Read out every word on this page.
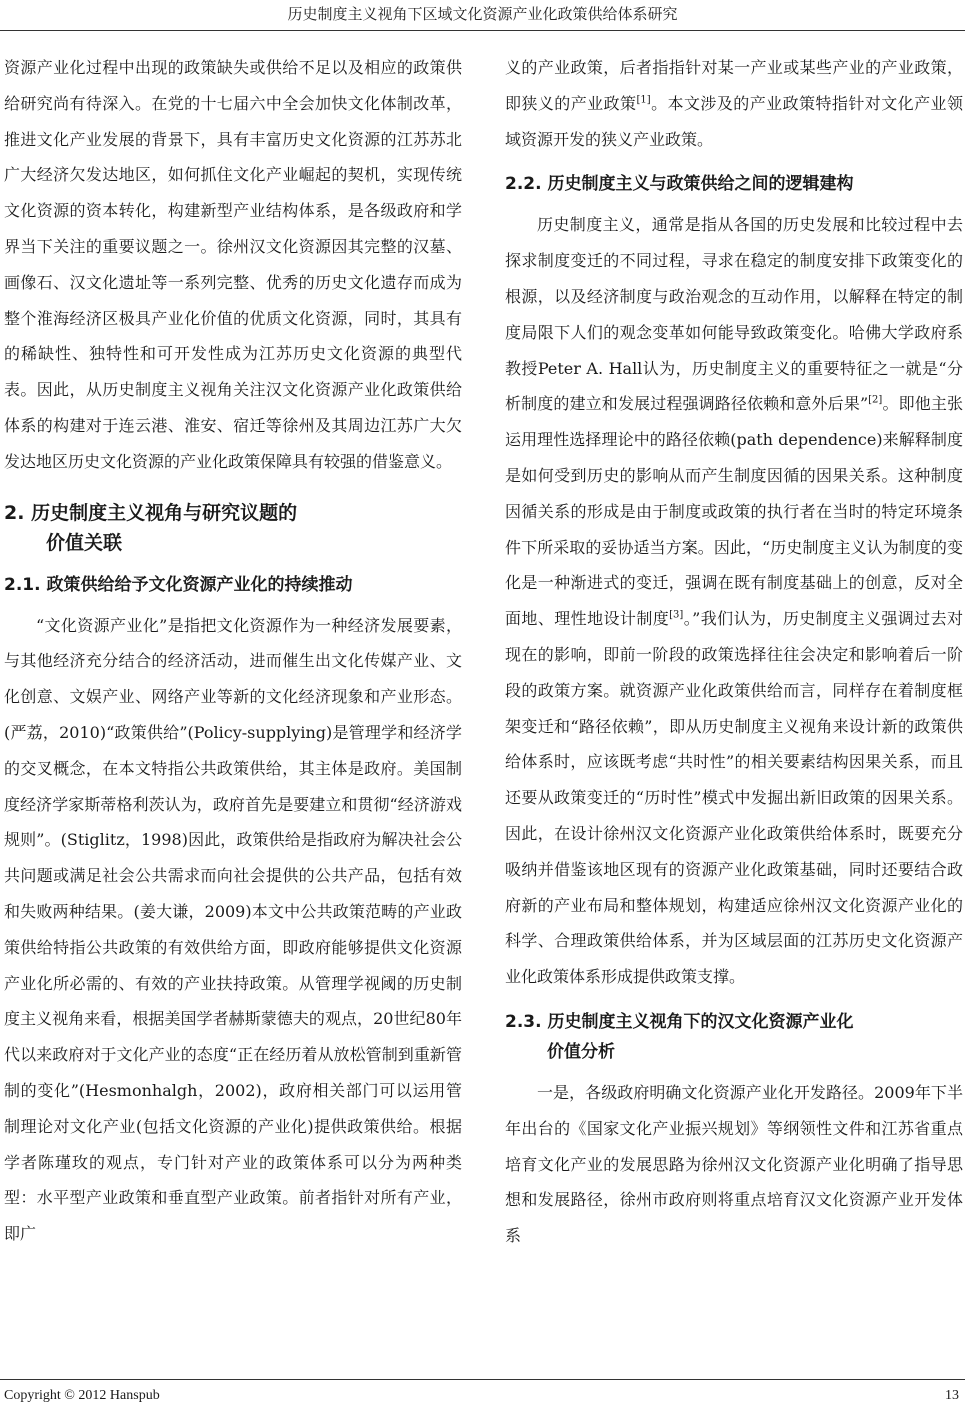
历史制度主义视角下区域文化资源产业化政策供给体系研究

资源产业化过程中出现的政策缺失或供给不足以及相应的政策供给研究尚有待深入。在党的十七届六中全会加快文化体制改革，推进文化产业发展的背景下，具有丰富历史文化资源的江苏苏北广大经济欠发达地区，如何抓住文化产业崛起的契机，实现传统文化资源的资本转化，构建新型产业结构体系，是各级政府和学界当下关注的重要议题之一。徐州汉文化资源因其完整的汉墓、画像石、汉文化遗址等一系列完整、优秀的历史文化遗存而成为整个淮海经济区极具产业化价值的优质文化资源，同时，其具有的稀缺性、独特性和可开发性成为江苏历史文化资源的典型代表。因此，从历史制度主义视角关注汉文化资源产业化政策供给体系的构建对于连云港、淮安、宿迁等徐州及其周边江苏广大欠发达地区历史文化资源的产业化政策保障具有较强的借鉴意义。

2. 历史制度主义视角与研究议题的
价值关联
2.1. 政策供给给予文化资源产业化的持续推动

“文化资源产业化”是指把文化资源作为一种经济发展要素，与其他经济充分结合的经济活动，进而催生出文化传媒产业、文化创意、文娱产业、网络产业等新的文化经济现象和产业形态。(严荔，2010)“政策供给”(Policy-supplying)是管理学和经济学的交叉概念，在本文特指公共政策供给，其主体是政府。美国制度经济学家斯蒂格利茨认为，政府首先是要建立和贯彻“经济游戏规则”。(Stiglitz，1998)因此，政策供给是指政府为解决社会公共问题或满足社会公共需求而向社会提供的公共产品，包括有效和失败两种结果。(姜大谦，2009)本文中公共政策范畴的产业政策供给特指公共政策的有效供给方面，即政府能够提供文化资源产业化所必需的、有效的产业扶持政策。从管理学视阈的历史制度主义视角来看，根据美国学者赫斯蒙德夫的观点，20世纪80年代以来政府对于文化产业的态度“正在经历着从放松管制到重新管制的变化”(Hesmonhalgh，2002)，政府相关部门可以运用管制理论对文化产业(包括文化资源的产业化)提供政策供给。根据学者陈瑾玫的观点，专门针对产业的政策体系可以分为两种类型：水平型产业政策和垂直型产业政策。前者指针对所有产业，即广

义的产业政策，后者指指针对某一产业或某些产业的产业政策，即狭义的产业政策[1]。本文涉及的产业政策特指针对文化产业领域资源开发的狭义产业政策。

2.2. 历史制度主义与政策供给之间的逻辑建构

历史制度主义，通常是指从各国的历史发展和比较过程中去探求制度变迁的不同过程，寻求在稳定的制度安排下政策变化的根源，以及经济制度与政治观念的互动作用，以解释在特定的制度局限下人们的观念变革如何能导致政策变化。哈佛大学政府系教授Peter A. Hall认为，历史制度主义的重要特征之一就是“分析制度的建立和发展过程强调路径依赖和意外后果”[2]。即他主张运用理性选择理论中的路径依赖(path dependence)来解释制度是如何受到历史的影响从而产生制度因循的因果关系。这种制度因循关系的形成是由于制度或政策的执行者在当时的特定环境条件下所采取的妥协适当方案。因此，“历史制度主义认为制度的变化是一种渐进式的变迁，强调在既有制度基础上的创意，反对全面地、理性地设计制度[3]。”我们认为，历史制度主义强调过去对现在的影响，即前一阶段的政策选择往往会决定和影响着后一阶段的政策方案。就资源产业化政策供给而言，同样存在着制度框架变迁和“路径依赖”，即从历史制度主义视角来设计新的政策供给体系时，应该既考虑“共时性”的相关要素结构因果关系，而且还要从政策变迁的“历时性”模式中发掘出新旧政策的因果关系。因此，在设计徐州汉文化资源产业化政策供给体系时，既要充分吸纳并借鉴该地区现有的资源产业化政策基础，同时还要结合政府新的产业布局和整体规划，构建适应徐州汉文化资源产业化的科学、合理政策供给体系，并为区域层面的江苏历史文化资源产业化政策体系形成提供政策支撑。

2.3. 历史制度主义视角下的汉文化资源产业化
价值分析

一是，各级政府明确文化资源产业化开发路径。2009年下半年出台的《国家文化产业振兴规划》等纲领性文件和江苏省重点培育文化产业的发展思路为徐州汉文化资源产业化明确了指导思想和发展路径，徐州市政府则将重点培育汉文化资源产业开发体系

Copyright © 2012 Hanspub	13
